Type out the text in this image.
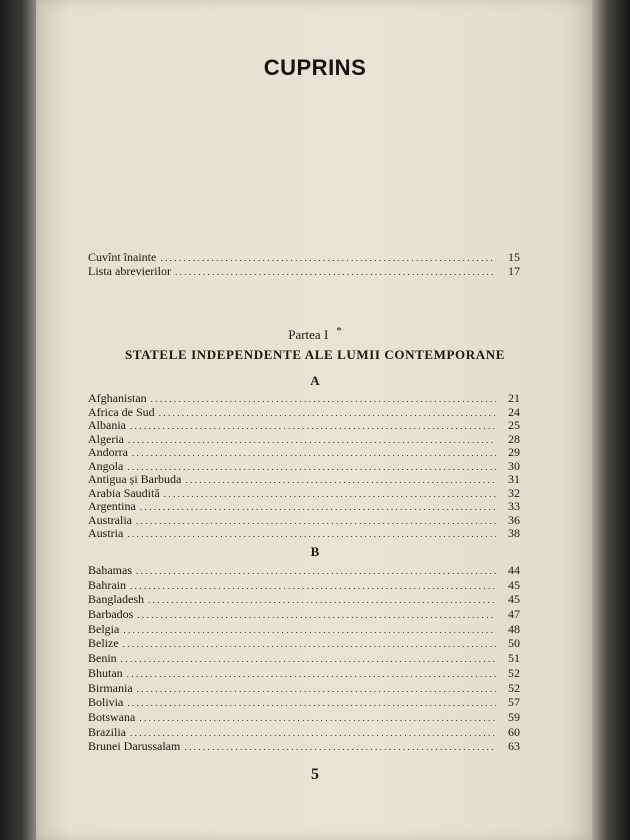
CUPRINS
Cuvînt înainte .....	15
Lista abrevierilor .....	17
Partea I *
STATELE INDEPENDENTE ALE LUMII CONTEMPORANE
A
Afghanistan .....	21
Africa de Sud .....	24
Albania .....	25
Algeria .....	28
Andorra .....	29
Angola .....	30
Antigua și Barbuda .....	31
Arabia Saudită .....	32
Argentina .....	33
Australia .....	36
Austria .....	38
B
Bahamas .....	44
Bahrain .....	45
Bangladesh .....	45
Barbados .....	47
Belgia .....	48
Belize .....	50
Benin .....	51
Bhutan .....	52
Birmania .....	52
Bolivia .....	57
Botswana .....	59
Brazilia .....	60
Brunei Darussalam .....	63
5
